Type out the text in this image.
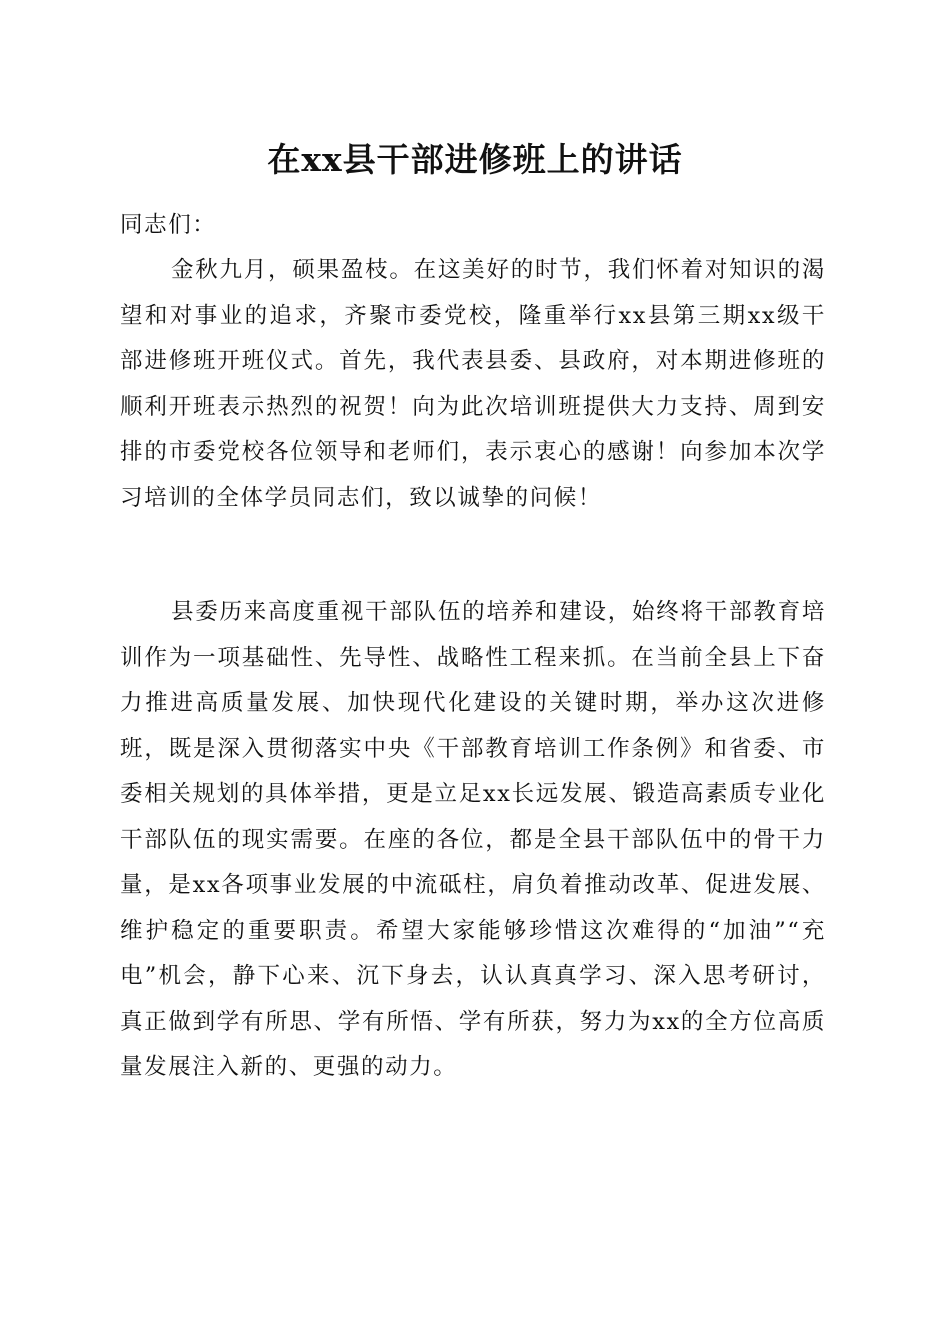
在xx县干部进修班上的讲话

同志们：

金秋九月，硕果盈枝。在这美好的时节，我们怀着对知识的渴望和对事业的追求，齐聚市委党校，隆重举行xx县第三期xx级干部进修班开班仪式。首先，我代表县委、县政府，对本期进修班的顺利开班表示热烈的祝贺！向为此次培训班提供大力支持、周到安排的市委党校各位领导和老师们，表示衷心的感谢！向参加本次学习培训的全体学员同志们，致以诚挚的问候！

县委历来高度重视干部队伍的培养和建设，始终将干部教育培训作为一项基础性、先导性、战略性工程来抓。在当前全县上下奋力推进高质量发展、加快现代化建设的关键时期，举办这次进修班，既是深入贯彻落实中央《干部教育培训工作条例》和省委、市委相关规划的具体举措，更是立足xx长远发展、锻造高素质专业化干部队伍的现实需要。在座的各位，都是全县干部队伍中的骨干力量，是xx各项事业发展的中流砥柱，肩负着推动改革、促进发展、维护稳定的重要职责。希望大家能够珍惜这次难得的“加油”“充电”机会，静下心来、沉下身去，认认真真学习、深入思考研讨，真正做到学有所思、学有所悟、学有所获，努力为xx的全方位高质量发展注入新的、更强的动力。
